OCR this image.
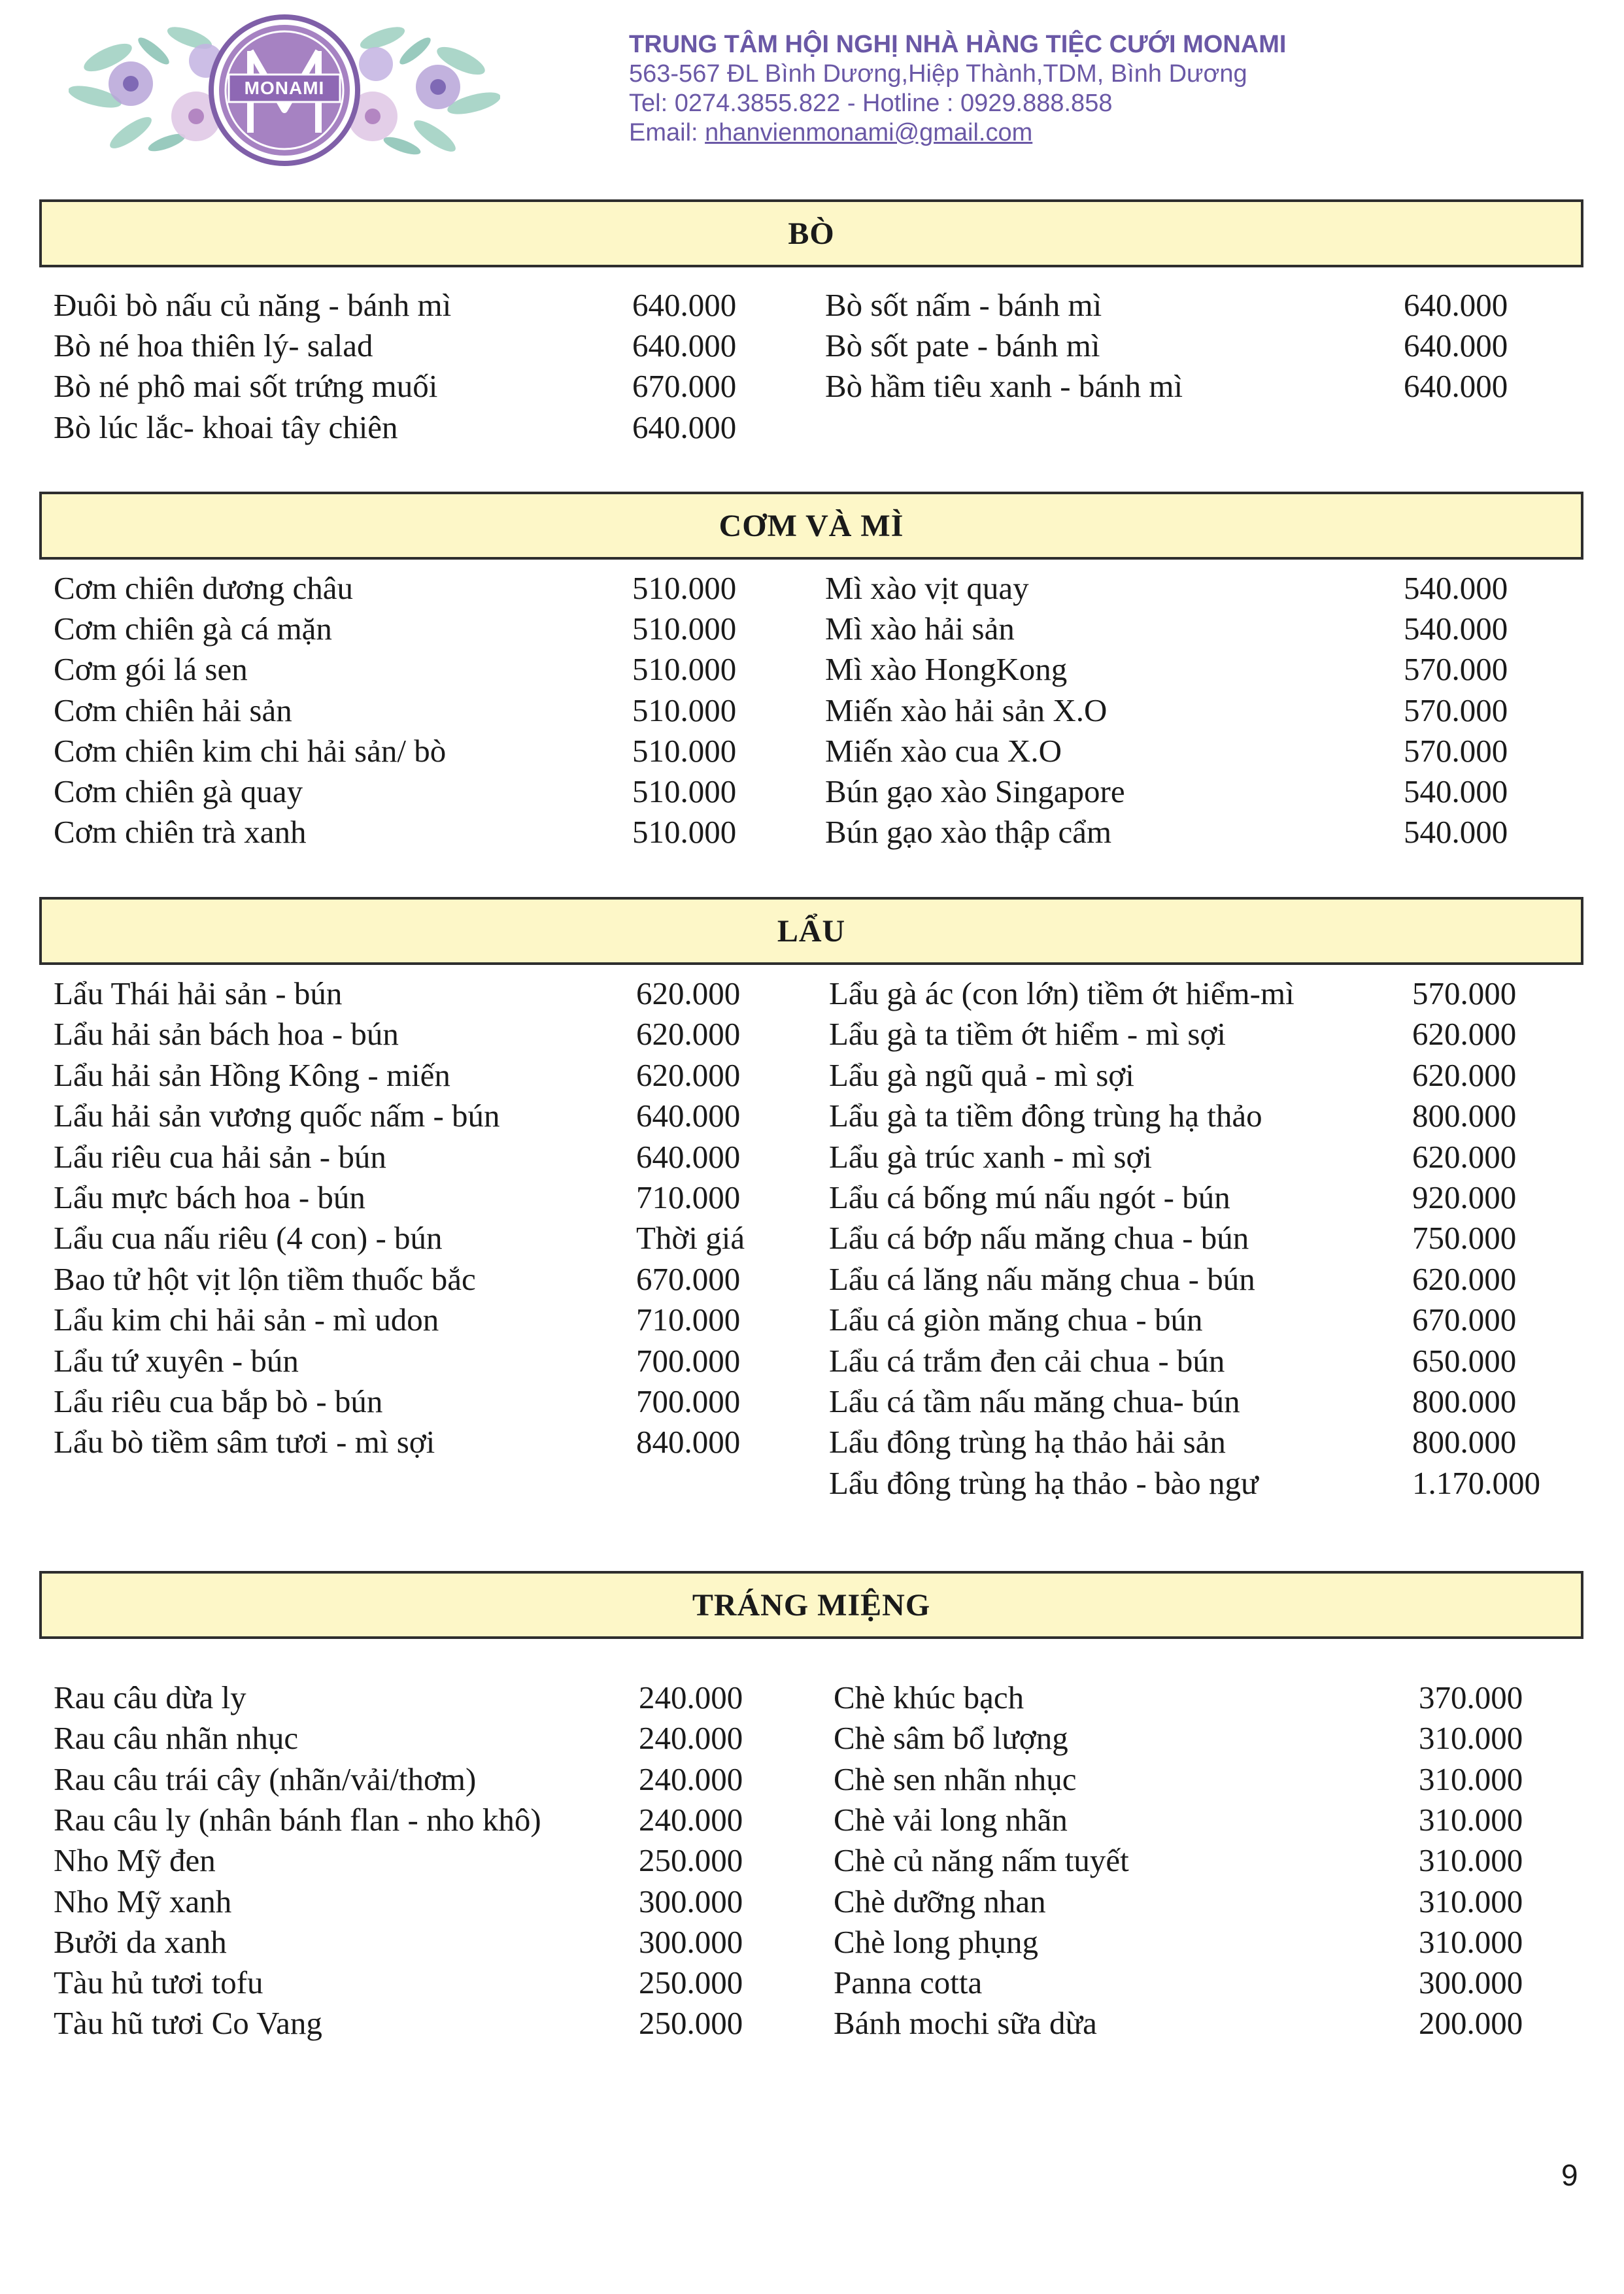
MONAMI
TRUNG TÂM HỘI NGHỊ NHÀ HÀNG TIỆC CƯỚI MONAMI
563-567 ĐL Bình Dương,Hiệp Thành,TDM, Bình Dương
Tel: 0274.3855.822 - Hotline : 0929.888.858
Email: nhanvienmonami@gmail.com
BÒ
Đuôi bò nấu củ năng - bánh mì	640.000
Bò né hoa thiên lý- salad	640.000
Bò né phô mai sốt trứng muối	670.000
Bò lúc lắc- khoai tây chiên	640.000
Bò sốt nấm - bánh mì	640.000
Bò sốt pate - bánh mì	640.000
Bò hầm tiêu xanh - bánh mì	640.000
CƠM VÀ MÌ
Cơm chiên dương châu	510.000
Cơm chiên gà cá mặn	510.000
Cơm gói lá sen	510.000
Cơm chiên hải sản	510.000
Cơm chiên kim chi hải sản/ bò	510.000
Cơm chiên gà quay	510.000
Cơm chiên trà xanh	510.000
Mì xào vịt quay	540.000
Mì xào hải sản	540.000
Mì xào HongKong	570.000
Miến xào hải sản X.O	570.000
Miến xào cua X.O	570.000
Bún gạo xào Singapore	540.000
Bún gạo xào thập cẩm	540.000
LẨU
Lẩu Thái hải sản - bún	620.000
Lẩu hải sản bách hoa - bún	620.000
Lẩu hải sản Hồng Kông - miến	620.000
Lẩu hải sản vương quốc nấm - bún	640.000
Lẩu riêu cua hải sản - bún	640.000
Lẩu mực bách hoa - bún	710.000
Lẩu cua nấu riêu (4 con) - bún	Thời giá
Bao tử hột vịt lộn tiềm thuốc bắc	670.000
Lẩu kim chi hải sản - mì udon	710.000
Lẩu tứ xuyên - bún	700.000
Lẩu riêu cua bắp bò - bún	700.000
Lẩu bò tiềm sâm tươi - mì sợi	840.000
Lẩu gà ác (con lớn) tiềm ớt hiểm-mì	570.000
Lẩu gà ta tiềm ớt hiểm - mì sợi	620.000
Lẩu gà ngũ quả - mì sợi	620.000
Lẩu gà ta tiềm đông trùng hạ thảo	800.000
Lẩu gà trúc xanh - mì sợi	620.000
Lẩu cá bống mú nấu ngót - bún	920.000
Lẩu cá bớp nấu măng chua - bún	750.000
Lẩu cá lăng nấu măng chua - bún	620.000
Lẩu cá giòn măng chua - bún	670.000
Lẩu cá trắm đen cải chua - bún	650.000
Lẩu cá tầm nấu măng chua- bún	800.000
Lẩu đông trùng hạ thảo hải sản	800.000
Lẩu đông trùng hạ thảo - bào ngư	1.170.000
TRÁNG MIỆNG
Rau câu dừa ly	240.000
Rau câu nhãn nhục	240.000
Rau câu trái cây (nhãn/vải/thơm)	240.000
Rau câu ly (nhân bánh flan - nho khô)	240.000
Nho Mỹ đen	250.000
Nho Mỹ xanh	300.000
Bưởi da xanh	300.000
Tàu hủ tươi tofu	250.000
Tàu hũ tươi Co Vang	250.000
Chè khúc bạch	370.000
Chè sâm bổ lượng	310.000
Chè sen nhãn nhục	310.000
Chè vải long nhãn	310.000
Chè củ năng nấm tuyết	310.000
Chè dưỡng nhan	310.000
Chè long phụng	310.000
Panna cotta	300.000
Bánh mochi sữa dừa	200.000
9
